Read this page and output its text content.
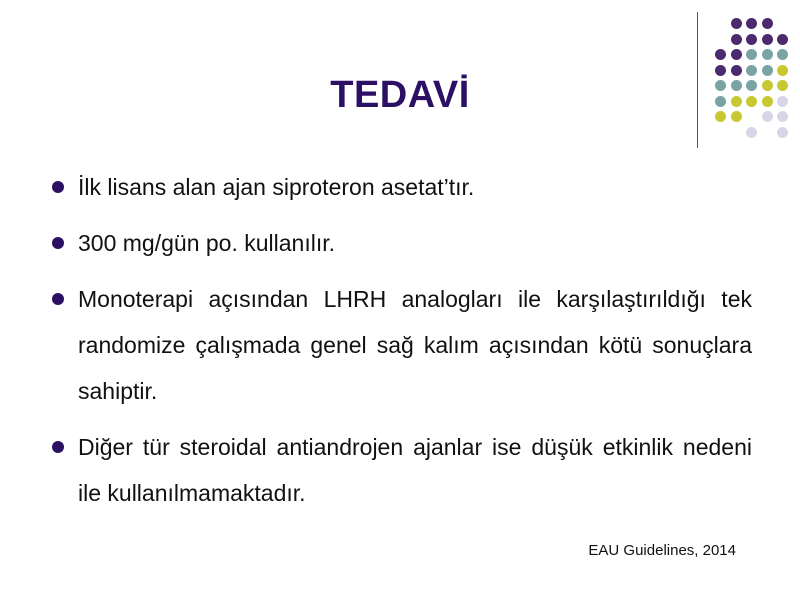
TEDAVİ
İlk lisans alan ajan siproteron asetat’tır.
300 mg/gün po. kullanılır.
Monoterapi açısından LHRH analogları ile karşılaştırıldığı tek randomize çalışmada genel sağ kalım açısından kötü sonuçlara sahiptir.
Diğer tür steroidal antiandrojen ajanlar ise düşük etkinlik nedeni ile kullanılmamaktadır.
EAU Guidelines, 2014
